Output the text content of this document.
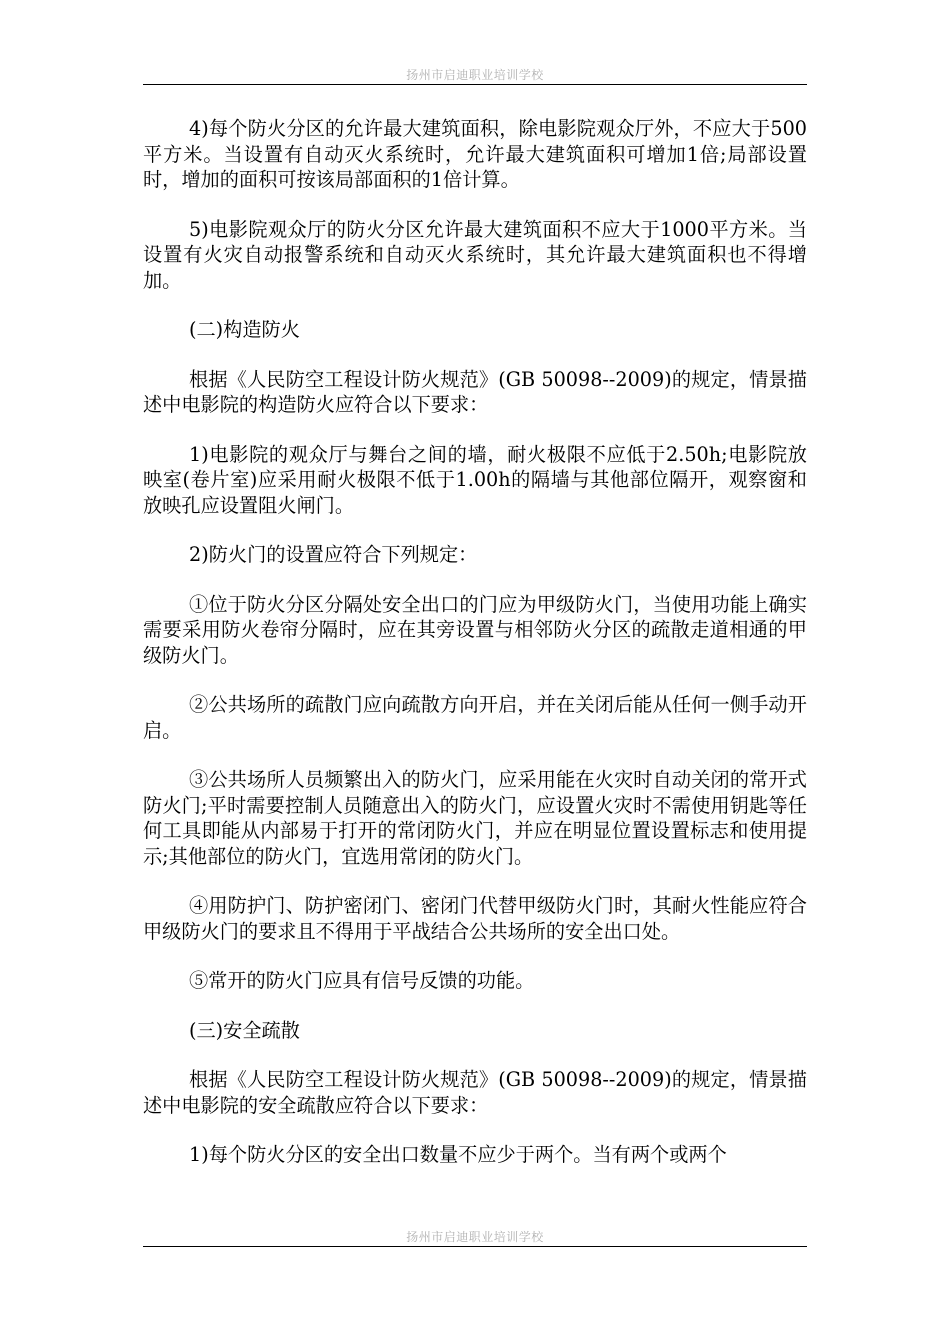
扬州市启迪职业培训学校

4)每个防火分区的允许最大建筑面积，除电影院观众厅外，不应大于500平方米。当设置有自动灭火系统时，允许最大建筑面积可增加1倍;局部设置时，增加的面积可按该局部面积的1倍计算。

5)电影院观众厅的防火分区允许最大建筑面积不应大于1000平方米。当设置有火灾自动报警系统和自动灭火系统时，其允许最大建筑面积也不得增加。

(二)构造防火

根据《人民防空工程设计防火规范》(GB 50098--2009)的规定，情景描述中电影院的构造防火应符合以下要求：

1)电影院的观众厅与舞台之间的墙，耐火极限不应低于2.50h;电影院放映室(卷片室)应采用耐火极限不低于1.00h的隔墙与其他部位隔开，观察窗和放映孔应设置阻火闸门。

2)防火门的设置应符合下列规定：

①位于防火分区分隔处安全出口的门应为甲级防火门，当使用功能上确实需要采用防火卷帘分隔时，应在其旁设置与相邻防火分区的疏散走道相通的甲级防火门。

②公共场所的疏散门应向疏散方向开启，并在关闭后能从任何一侧手动开启。

③公共场所人员频繁出入的防火门，应采用能在火灾时自动关闭的常开式防火门;平时需要控制人员随意出入的防火门，应设置火灾时不需使用钥匙等任何工具即能从内部易于打开的常闭防火门，并应在明显位置设置标志和使用提示;其他部位的防火门，宜选用常闭的防火门。

④用防护门、防护密闭门、密闭门代替甲级防火门时，其耐火性能应符合甲级防火门的要求且不得用于平战结合公共场所的安全出口处。

⑤常开的防火门应具有信号反馈的功能。

(三)安全疏散

根据《人民防空工程设计防火规范》(GB 50098--2009)的规定，情景描述中电影院的安全疏散应符合以下要求：

1)每个防火分区的安全出口数量不应少于两个。当有两个或两个

扬州市启迪职业培训学校
